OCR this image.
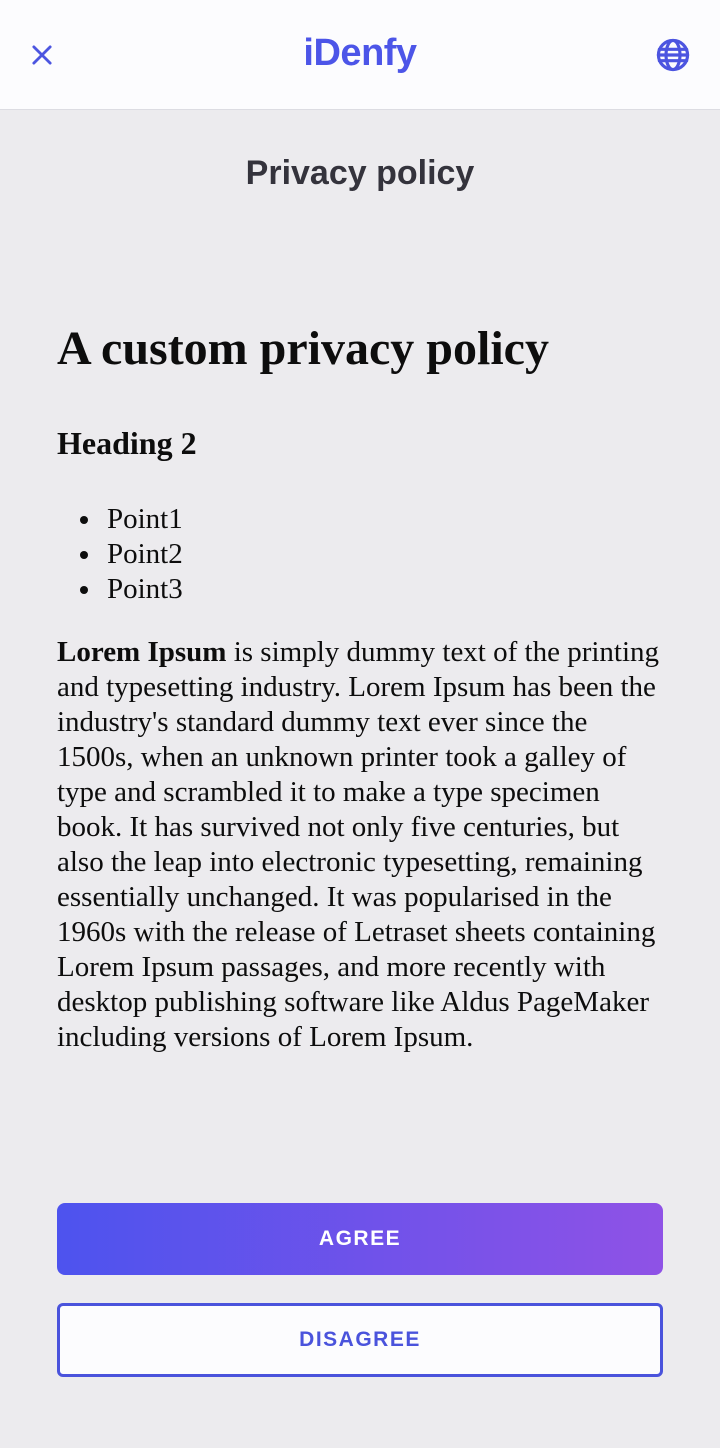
iDenfy
Privacy policy
A custom privacy policy
Heading 2
• Point1
• Point2
• Point3

Lorem Ipsum is simply dummy text of the printing and typesetting industry. Lorem Ipsum has been the industry's standard dummy text ever since the 1500s, when an unknown printer took a galley of type and scrambled it to make a type specimen book. It has survived not only five centuries, but also the leap into electronic typesetting, remaining essentially unchanged. It was popularised in the 1960s with the release of Letraset sheets containing Lorem Ipsum passages, and more recently with desktop publishing software like Aldus PageMaker including versions of Lorem Ipsum.

AGREE
DISAGREE
